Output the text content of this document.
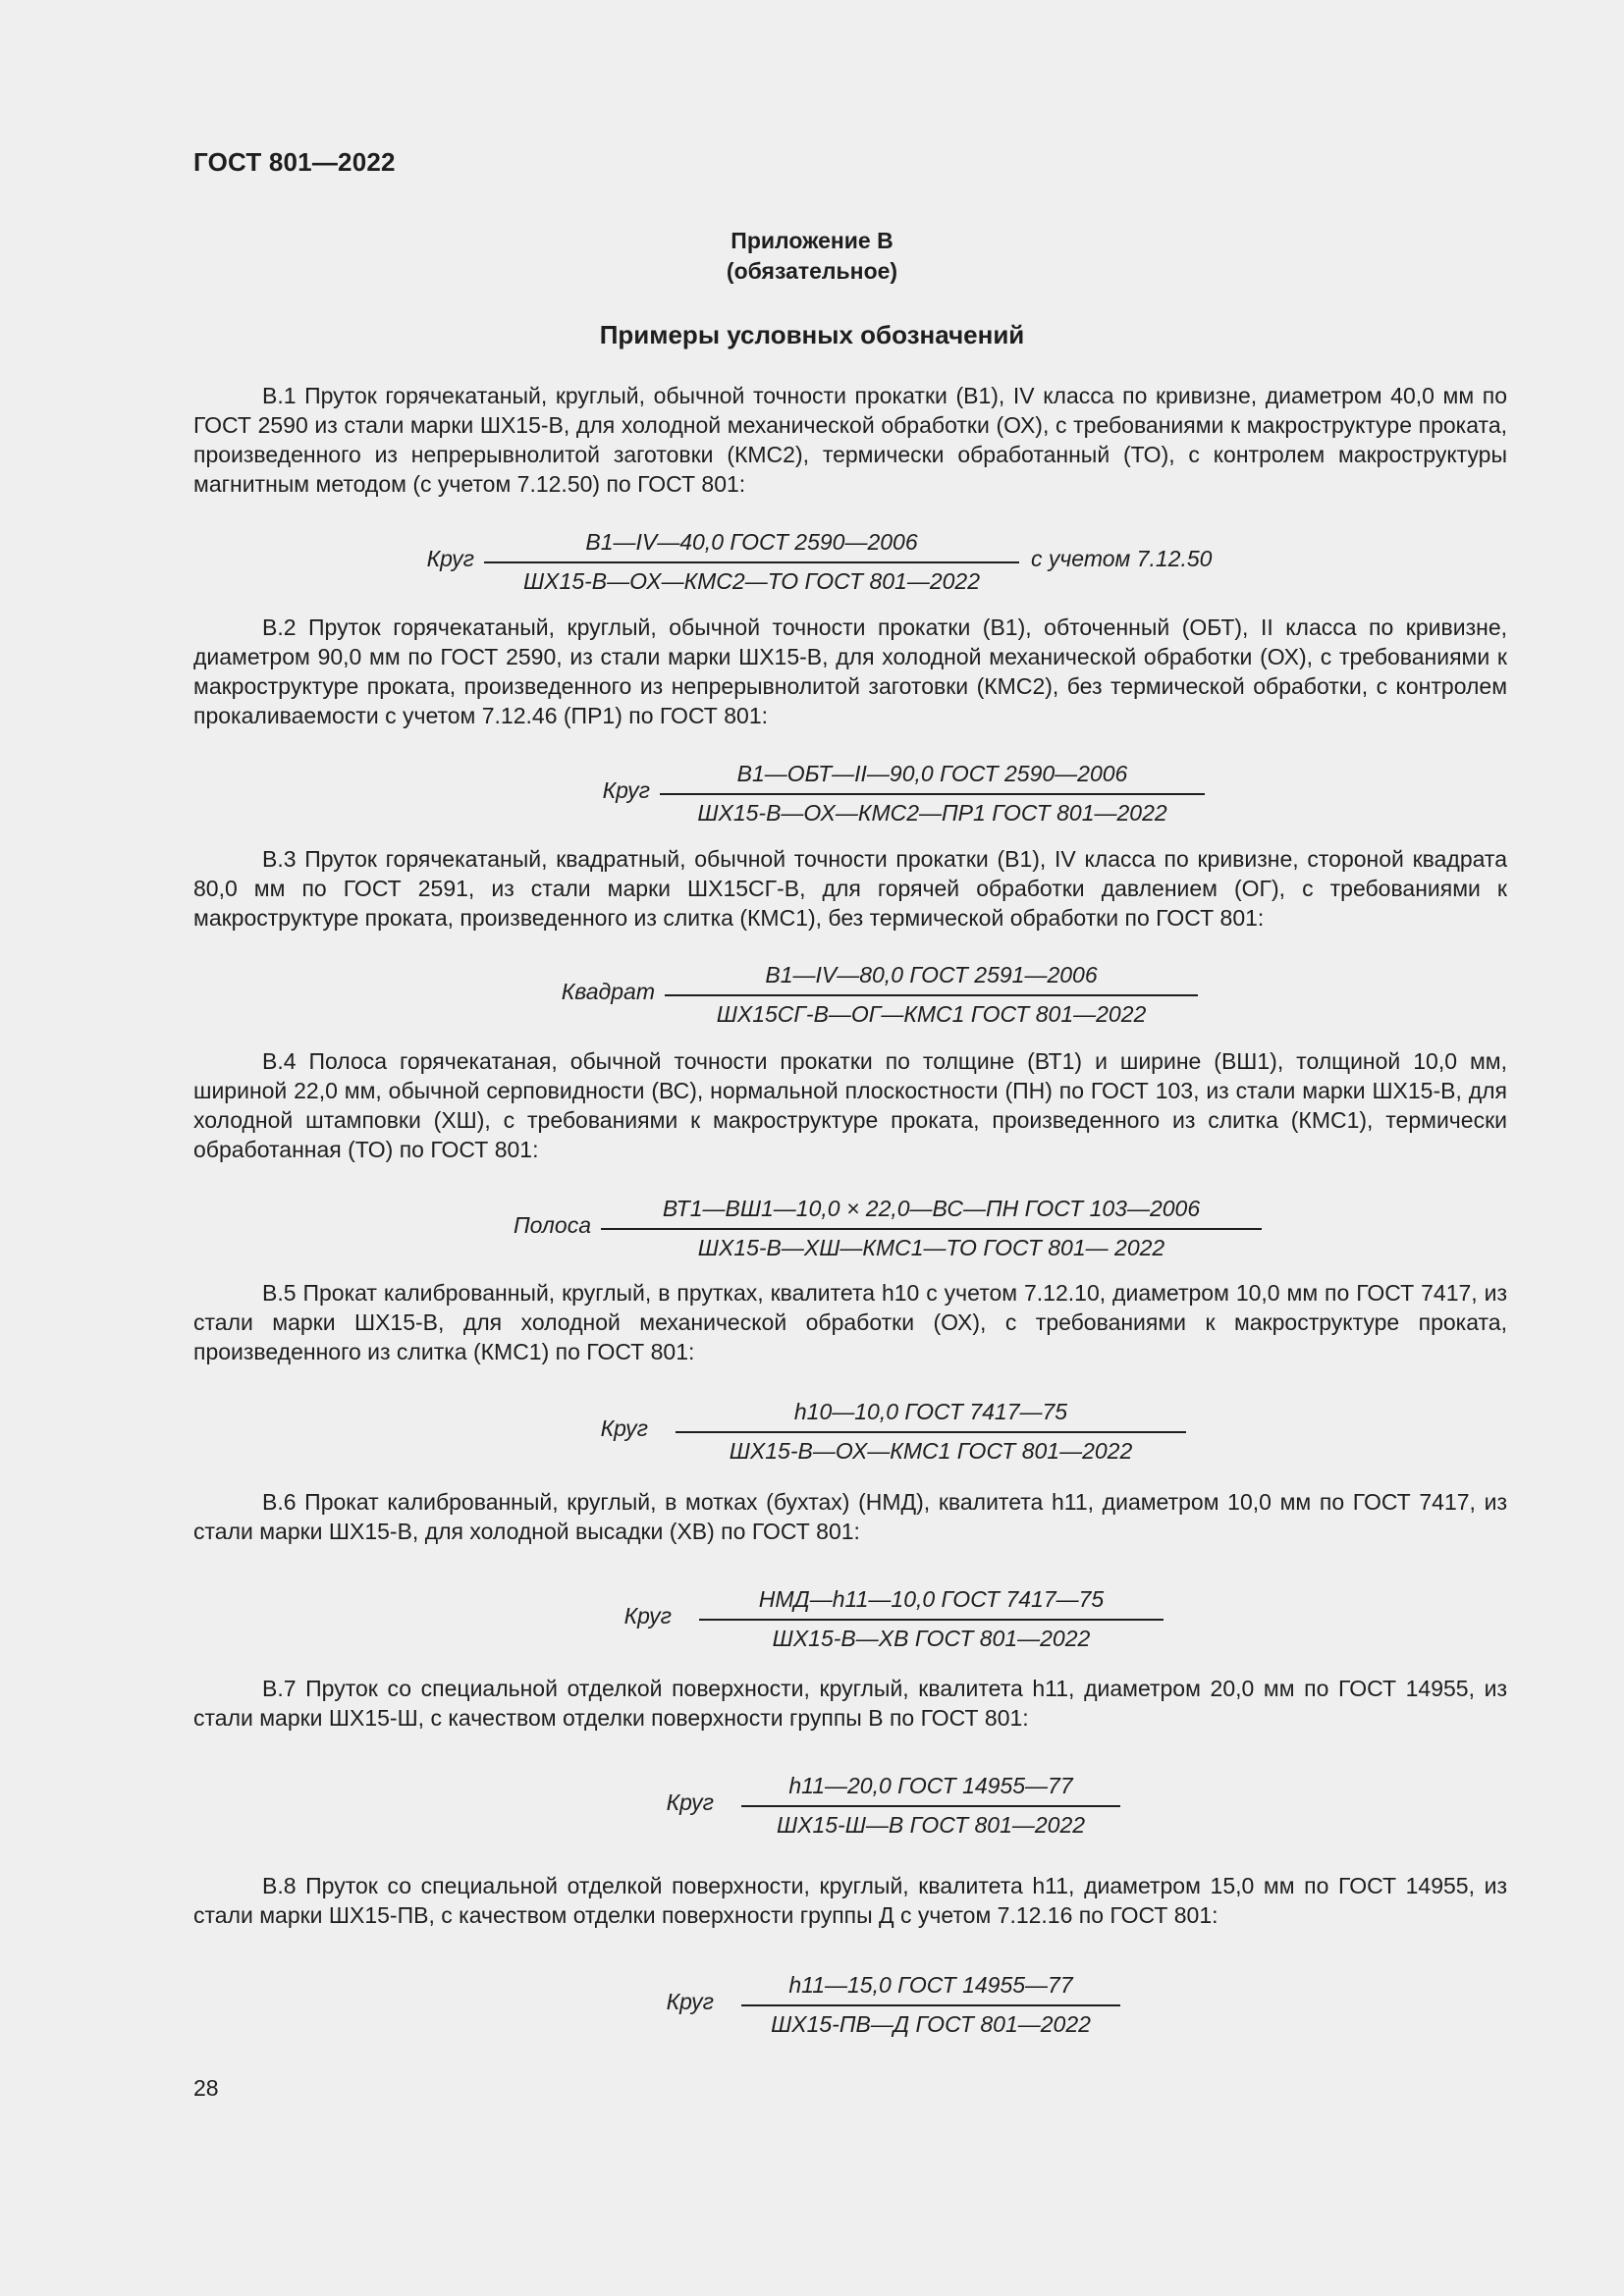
ГОСТ 801—2022
Приложение В
(обязательное)
Примеры условных обозначений
В.1 Пруток горячекатаный, круглый, обычной точности прокатки (В1), IV класса по кривизне, диаметром 40,0 мм по ГОСТ 2590 из стали марки ШХ15-В, для холодной механической обработки (ОХ), с требованиями к макроструктуре проката, произведенного из непрерывнолитой заготовки (КМС2), термически обработанный (ТО), с контролем макроструктуры магнитным методом (с учетом 7.12.50) по ГОСТ 801:
Круг
В1—IV—40,0 ГОСТ 2590—2006
ШХ15-В—ОХ—КМС2—ТО ГОСТ 801—2022
с учетом 7.12.50
В.2 Пруток горячекатаный, круглый, обычной точности прокатки (В1), обточенный (ОБТ), II класса по кривизне, диаметром 90,0 мм по ГОСТ 2590, из стали марки ШХ15-В, для холодной механической обработки (ОХ), с требованиями к макроструктуре проката, произведенного из непрерывнолитой заготовки (КМС2), без термической обработки, с контролем прокаливаемости с учетом 7.12.46 (ПР1) по ГОСТ 801:
Круг
В1—ОБТ—II—90,0 ГОСТ 2590—2006
ШХ15-В—ОХ—КМС2—ПР1 ГОСТ 801—2022
В.3 Пруток горячекатаный, квадратный, обычной точности прокатки (В1), IV класса по кривизне, стороной квадрата 80,0 мм по ГОСТ 2591, из стали марки ШХ15СГ-В, для горячей обработки давлением (ОГ), с требованиями к макроструктуре проката, произведенного из слитка (КМС1), без термической обработки по ГОСТ 801:
Квадрат
В1—IV—80,0 ГОСТ 2591—2006
ШХ15СГ-В—ОГ—КМС1 ГОСТ 801—2022
В.4 Полоса горячекатаная, обычной точности прокатки по толщине (ВТ1) и ширине (ВШ1), толщиной 10,0 мм, шириной 22,0 мм, обычной серповидности (ВС), нормальной плоскостности (ПН) по ГОСТ 103, из стали марки ШХ15-В, для холодной штамповки (ХШ), с требованиями к макроструктуре проката, произведенного из слитка (КМС1), термически обработанная (ТО) по ГОСТ 801:
Полоса
ВТ1—ВШ1—10,0 × 22,0—ВС—ПН ГОСТ 103—2006
ШХ15-В—ХШ—КМС1—ТО ГОСТ 801— 2022
В.5 Прокат калиброванный, круглый, в прутках, квалитета h10 с учетом 7.12.10, диаметром 10,0 мм по ГОСТ 7417, из стали марки ШХ15-В, для холодной механической обработки (ОХ), с требованиями к макроструктуре проката, произведенного из слитка (КМС1) по ГОСТ 801:
Круг
h10—10,0 ГОСТ 7417—75
ШХ15-В—ОХ—КМС1 ГОСТ 801—2022
В.6 Прокат калиброванный, круглый, в мотках (бухтах) (НМД), квалитета h11, диаметром 10,0 мм по ГОСТ 7417, из стали марки ШХ15-В, для холодной высадки (ХВ) по ГОСТ 801:
Круг
НМД—h11—10,0 ГОСТ 7417—75
ШХ15-В—ХВ ГОСТ 801—2022
В.7 Пруток со специальной отделкой поверхности, круглый, квалитета h11, диаметром 20,0 мм по ГОСТ 14955, из стали марки ШХ15-Ш, с качеством отделки поверхности группы В по ГОСТ 801:
Круг
h11—20,0 ГОСТ 14955—77
ШХ15-Ш—В ГОСТ 801—2022
В.8 Пруток со специальной отделкой поверхности, круглый, квалитета h11, диаметром 15,0 мм по ГОСТ 14955, из стали марки ШХ15-ПВ, с качеством отделки поверхности группы Д с учетом 7.12.16 по ГОСТ 801:
Круг
h11—15,0 ГОСТ 14955—77
ШХ15-ПВ—Д ГОСТ 801—2022
28
